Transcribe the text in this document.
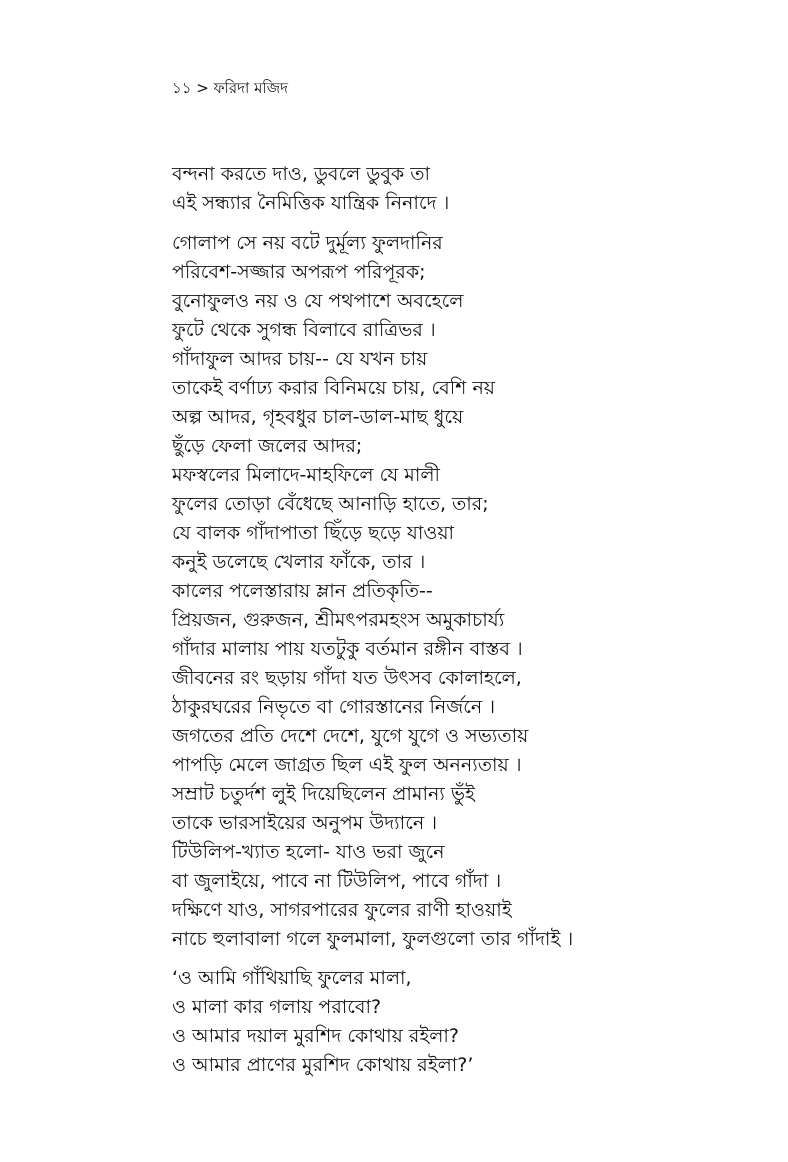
১১ > ফরিদা মজিদ
বন্দনা করতে দাও, ডুবলে ডুবুক তা
এই সন্ধ্যার নৈমিত্তিক যান্ত্রিক নিনাদে ।
গোলাপ সে নয় বটে দুর্মূল্য ফুলদানির
পরিবেশ-সজ্জার অপরূপ পরিপূরক;
বুনোফুলও নয় ও যে পথপাশে অবহেলে
ফুটে থেকে সুগন্ধ বিলাবে রাত্রিভর ।
গাঁদাফুল আদর চায়-- যে যখন চায়
তাকেই বর্ণাঢ্য করার বিনিময়ে চায়, বেশি নয়
অল্প আদর, গৃহবধুর চাল-ডাল-মাছ ধুয়ে
ছুঁড়ে ফেলা জলের আদর;
মফস্বলের মিলাদে-মাহফিলে যে মালী
ফুলের তোড়া বেঁধেছে আনাড়ি হাতে, তার;
যে বালক গাঁদাপাতা ছিঁড়ে ছড়ে যাওয়া
কনুই ডলেছে খেলার ফাঁকে, তার ।
কালের পলেস্তারায় ম্লান প্রতিকৃতি--
প্রিয়জন, গুরুজন, শ্রীমৎপরমহংস অমুকাচার্য্য
গাঁদার মালায় পায় যতটুকু বর্তমান রঙ্গীন বাস্তব ।
জীবনের রং ছড়ায় গাঁদা যত উৎসব কোলাহলে,
ঠাকুরঘরের নিভৃতে বা গোরস্তানের নির্জনে ।
জগতের প্রতি দেশে দেশে, যুগে যুগে ও সভ্যতায়
পাপড়ি মেলে জাগ্রত ছিল এই ফুল অনন্যতায় ।
সম্রাট চতুর্দশ লুই দিয়েছিলেন প্রামান্য ভুঁই
তাকে ভারসাইয়ের অনুপম উদ্যানে ।
টিউলিপ-খ্যাত হলাে- যাও ভরা জুনে
বা জুলাইয়ে, পাবে না টিউলিপ, পাবে গাঁদা ।
দক্ষিণে যাও, সাগরপারের ফুলের রাণী হাওয়াই
নাচে হুলাবালা গলে ফুলমালা, ফুলগুলো তার গাঁদাই ।
‘ও আমি গাঁথিয়াছি ফুলের মালা,
ও মালা কার গলায় পরাবো?
ও আমার দয়াল মুরশিদ কোথায় রইলা?
ও আমার প্রাণের মুরশিদ কোথায় রইলা?’
